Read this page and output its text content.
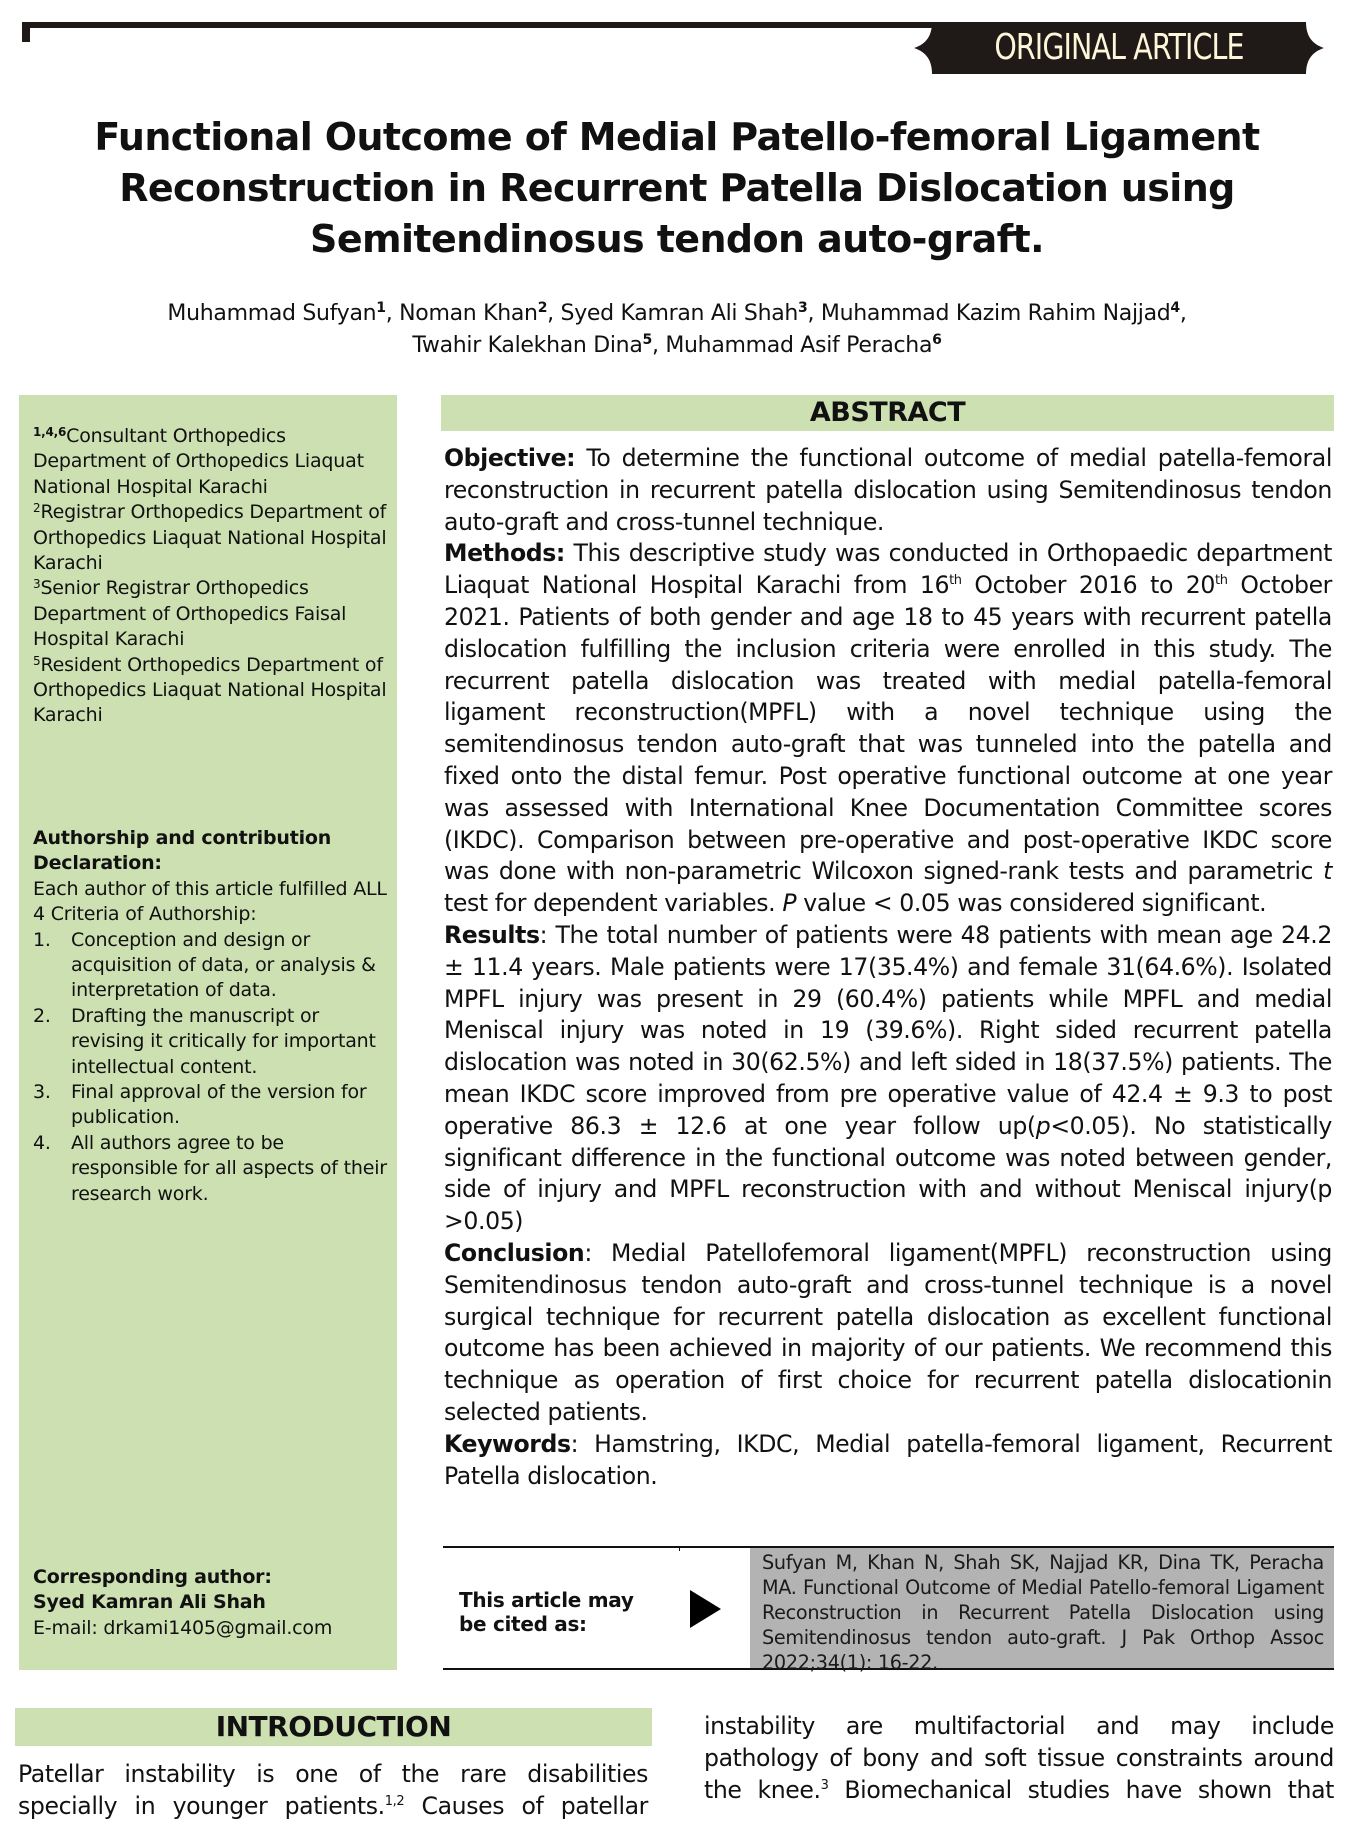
ORIGINAL ARTICLE
Functional Outcome of Medial Patello-femoral Ligament
Reconstruction in Recurrent Patella Dislocation using
Semitendinosus tendon auto-graft.
Muhammad Sufyan$^1$, Noman Khan$^2$, Syed Kamran Ali Shah$^3$, Muhammad Kazim Rahim Najjad$^4$,
Twahir Kalekhan Dina$^5$, Muhammad Asif Peracha$^6$
$^{1,4,6}$Consultant Orthopedics Department of Orthopedics Liaquat National Hospital Karachi
$^2$Registrar Orthopedics Department of Orthopedics Liaquat National Hospital Karachi
$^3$Senior Registrar Orthopedics Department of Orthopedics Faisal Hospital Karachi
$^5$Resident Orthopedics Department of Orthopedics Liaquat National Hospital Karachi
Authorship and contribution Declaration:
Each author of this article fulfilled ALL 4 Criteria of Authorship:
1. Conception and design or acquisition of data, or analysis & interpretation of data.
2. Drafting the manuscript or revising it critically for important intellectual content.
3. Final approval of the version for publication.
4. All authors agree to be responsible for all aspects of their research work.
Corresponding author:
Syed Kamran Ali Shah
E-mail: drkami1405@gmail.com
ABSTRACT

Objective: To determine the functional outcome of medial patella-femoral reconstruction in recurrent patella dislocation using Semitendinosus tendon auto-graft and cross-tunnel technique.

Methods: This descriptive study was conducted in Orthopaedic department Liaquat National Hospital Karachi from 16th October 2016 to 20th October 2021. Patients of both gender and age 18 to 45 years with recurrent patella dislocation fulfilling the inclusion criteria were enrolled in this study. The recurrent patella dislocation was treated with medial patella-femoral ligament reconstruction(MPFL) with a novel technique using the semitendinosus tendon auto-graft that was tunneled into the patella and fixed onto the distal femur. Post operative functional outcome at one year was assessed with International Knee Documentation Committee scores (IKDC). Comparison between pre-operative and post-operative IKDC score was done with non-parametric Wilcoxon signed-rank tests and parametric t test for dependent variables. P value < 0.05 was considered significant.

Results: The total number of patients were 48 patients with mean age 24.2 ± 11.4 years. Male patients were 17(35.4%) and female 31(64.6%). Isolated MPFL injury was present in 29 (60.4%) patients while MPFL and medial Meniscal injury was noted in 19 (39.6%). Right sided recurrent patella dislocation was noted in 30(62.5%) and left sided in 18(37.5%) patients. The mean IKDC score improved from pre operative value of 42.4 ± 9.3 to post operative 86.3 ± 12.6 at one year follow up(p<0.05). No statistically significant difference in the functional outcome was noted between gender, side of injury and MPFL reconstruction with and without Meniscal injury(p >0.05)

Conclusion: Medial Patellofemoral ligament(MPFL) reconstruction using Semitendinosus tendon auto-graft and cross-tunnel technique is a novel surgical technique for recurrent patella dislocation as excellent functional outcome has been achieved in majority of our patients. We recommend this technique as operation of first choice for recurrent patella dislocationin selected patients.

Keywords: Hamstring, IKDC, Medial patella-femoral ligament, Recurrent Patella dislocation.

This article may be cited as:
Sufyan M, Khan N, Shah SK, Najjad KR, Dina TK, Peracha MA. Functional Outcome of Medial Patello-femoral Ligament Reconstruction in Recurrent Patella Dislocation using Semitendinosus tendon auto-graft. J Pak Orthop Assoc 2022;34(1): 16-22.
INTRODUCTION
Patellar instability is one of the rare disabilities specially in younger patients.$^{1,2}$ Causes of patellar
instability are multifactorial and may include pathology of bony and soft tissue constraints around the knee.$^3$ Biomechanical studies have shown that
